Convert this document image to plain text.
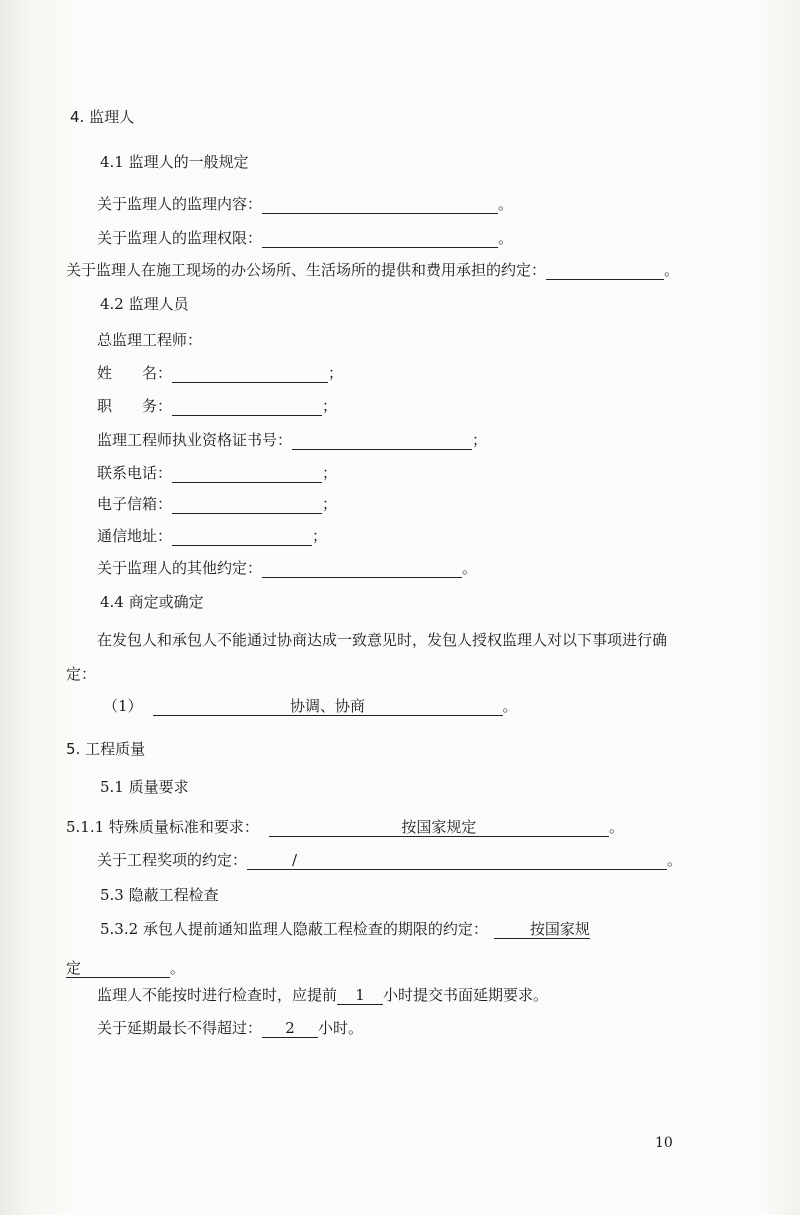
4. 监理人
4.1 监理人的一般规定
关于监理人的监理内容：	。
关于监理人的监理权限：	。
关于监理人在施工现场的办公场所、生活场所的提供和费用承担的约定：	。
4.2 监理人员
总监理工程师：
姓　　名：	；
职　　务：	；
监理工程师执业资格证书号：	；
联系电话：	；
电子信箱：	；
通信地址：	；
关于监理人的其他约定：	。
4.4 商定或确定
在发包人和承包人不能通过协商达成一致意见时，发包人授权监理人对以下事项进行确
定：
（1）	协调、协商	。
5. 工程质量
5.1 质量要求
5.1.1 特殊质量标准和要求：	按国家规定	。
关于工程奖项的约定：	/	。
5.3 隐蔽工程检查
5.3.2 承包人提前通知监理人隐蔽工程检查的期限的约定：	按国家规
定	。
监理人不能按时进行检查时，应提前 1 小时提交书面延期要求。
关于延期最长不得超过： 2 小时。
10
